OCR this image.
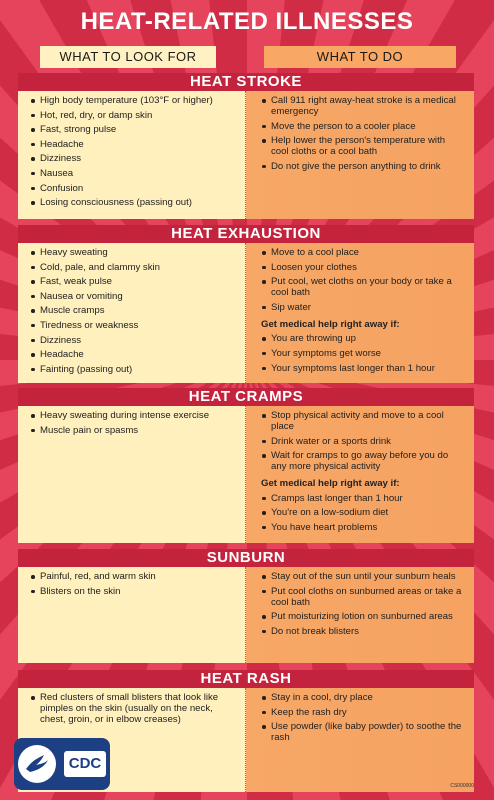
HEAT-RELATED ILLNESSES
WHAT TO LOOK FOR	WHAT TO DO
HEAT STROKE
High body temperature (103°F or higher)
Hot, red, dry, or damp skin
Fast, strong pulse
Headache
Dizziness
Nausea
Confusion
Losing consciousness (passing out)
Call 911 right away-heat stroke is a medical emergency
Move the person to a cooler place
Help lower the person's temperature with cool cloths or a cool bath
Do not give the person anything to drink
HEAT EXHAUSTION
Heavy sweating
Cold, pale, and clammy skin
Fast, weak pulse
Nausea or vomiting
Muscle cramps
Tiredness or weakness
Dizziness
Headache
Fainting (passing out)
Move to a cool place
Loosen your clothes
Put cool, wet cloths on your body or take a cool bath
Sip water
Get medical help right away if:
You are throwing up
Your symptoms get worse
Your symptoms last longer than 1 hour
HEAT CRAMPS
Heavy sweating during intense exercise
Muscle pain or spasms
Stop physical activity and move to a cool place
Drink water or a sports drink
Wait for cramps to go away before you do any more physical activity
Get medical help right away if:
Cramps last longer than 1 hour
You're on a low-sodium diet
You have heart problems
SUNBURN
Painful, red, and warm skin
Blisters on the skin
Stay out of the sun until your sunburn heals
Put cool cloths on sunburned areas or take a cool bath
Put moisturizing lotion on sunburned areas
Do not break blisters
HEAT RASH
Red clusters of small blisters that look like pimples on the skin (usually on the neck, chest, groin, or in elbow creases)
Stay in a cool, dry place
Keep the rash dry
Use powder (like baby powder) to soothe the rash
CDC
CS000000
